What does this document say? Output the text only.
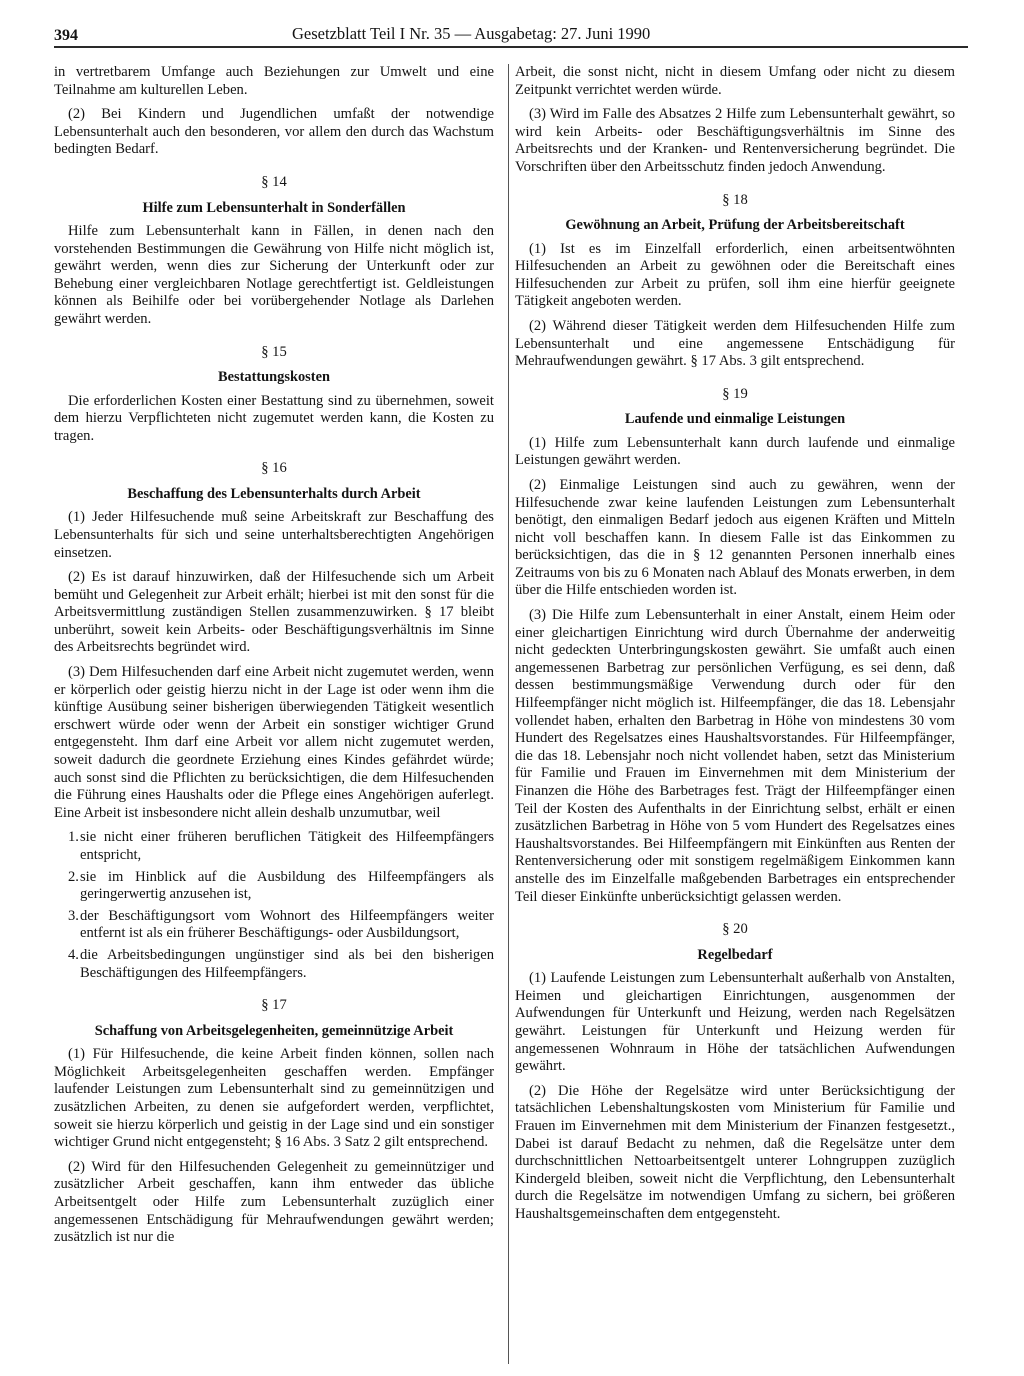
394	Gesetzblatt Teil I Nr. 35 — Ausgabetag: 27. Juni 1990

in vertretbarem Umfange auch Beziehungen zur Umwelt und eine Teilnahme am kulturellen Leben.

(2) Bei Kindern und Jugendlichen umfaßt der notwendige Lebensunterhalt auch den besonderen, vor allem den durch das Wachstum bedingten Bedarf.

§ 14
Hilfe zum Lebensunterhalt in Sonderfällen

Hilfe zum Lebensunterhalt kann in Fällen, in denen nach den vorstehenden Bestimmungen die Gewährung von Hilfe nicht möglich ist, gewährt werden, wenn dies zur Sicherung der Unterkunft oder zur Behebung einer vergleichbaren Notlage gerechtfertigt ist. Geldleistungen können als Beihilfe oder bei vorübergehender Notlage als Darlehen gewährt werden.

§ 15
Bestattungskosten

Die erforderlichen Kosten einer Bestattung sind zu übernehmen, soweit dem hierzu Verpflichteten nicht zugemutet werden kann, die Kosten zu tragen.

§ 16
Beschaffung des Lebensunterhalts durch Arbeit

(1) Jeder Hilfesuchende muß seine Arbeitskraft zur Beschaffung des Lebensunterhalts für sich und seine unterhaltsberechtigten Angehörigen einsetzen.

(2) Es ist darauf hinzuwirken, daß der Hilfesuchende sich um Arbeit bemüht und Gelegenheit zur Arbeit erhält; hierbei ist mit den sonst für die Arbeitsvermittlung zuständigen Stellen zusammenzuwirken. § 17 bleibt unberührt, soweit kein Arbeits- oder Beschäftigungsverhältnis im Sinne des Arbeitsrechts begründet wird.

(3) Dem Hilfesuchenden darf eine Arbeit nicht zugemutet werden, wenn er körperlich oder geistig hierzu nicht in der Lage ist oder wenn ihm die künftige Ausübung seiner bisherigen überwiegenden Tätigkeit wesentlich erschwert würde oder wenn der Arbeit ein sonstiger wichtiger Grund entgegensteht. Ihm darf eine Arbeit vor allem nicht zugemutet werden, soweit dadurch die geordnete Erziehung eines Kindes gefährdet würde; auch sonst sind die Pflichten zu berücksichtigen, die dem Hilfesuchenden die Führung eines Haushalts oder die Pflege eines Angehörigen auferlegt. Eine Arbeit ist insbesondere nicht allein deshalb unzumutbar, weil

1. sie nicht einer früheren beruflichen Tätigkeit des Hilfeempfängers entspricht,
2. sie im Hinblick auf die Ausbildung des Hilfeempfängers als geringerwertig anzusehen ist,
3. der Beschäftigungsort vom Wohnort des Hilfeempfängers weiter entfernt ist als ein früherer Beschäftigungs- oder Ausbildungsort,
4. die Arbeitsbedingungen ungünstiger sind als bei den bisherigen Beschäftigungen des Hilfeempfängers.
§ 17
Schaffung von Arbeitsgelegenheiten, gemeinnützige Arbeit

(1) Für Hilfesuchende, die keine Arbeit finden können, sollen nach Möglichkeit Arbeitsgelegenheiten geschaffen werden. Empfänger laufender Leistungen zum Lebensunterhalt sind zu gemeinnützigen und zusätzlichen Arbeiten, zu denen sie aufgefordert werden, verpflichtet, soweit sie hierzu körperlich und geistig in der Lage sind und ein sonstiger wichtiger Grund nicht entgegensteht; § 16 Abs. 3 Satz 2 gilt entsprechend.

(2) Wird für den Hilfesuchenden Gelegenheit zu gemeinnütziger und zusätzlicher Arbeit geschaffen, kann ihm entweder das übliche Arbeitsentgelt oder Hilfe zum Lebensunterhalt zuzüglich einer angemessenen Entschädigung für Mehraufwendungen gewährt werden; zusätzlich ist nur die

Arbeit, die sonst nicht, nicht in diesem Umfang oder nicht zu diesem Zeitpunkt verrichtet werden würde.

(3) Wird im Falle des Absatzes 2 Hilfe zum Lebensunterhalt gewährt, so wird kein Arbeits- oder Beschäftigungsverhältnis im Sinne des Arbeitsrechts und der Kranken- und Rentenversicherung begründet. Die Vorschriften über den Arbeitsschutz finden jedoch Anwendung.

§ 18
Gewöhnung an Arbeit, Prüfung der Arbeitsbereitschaft

(1) Ist es im Einzelfall erforderlich, einen arbeitsentwöhnten Hilfesuchenden an Arbeit zu gewöhnen oder die Bereitschaft eines Hilfesuchenden zur Arbeit zu prüfen, soll ihm eine hierfür geeignete Tätigkeit angeboten werden.

(2) Während dieser Tätigkeit werden dem Hilfesuchenden Hilfe zum Lebensunterhalt und eine angemessene Entschädigung für Mehraufwendungen gewährt. § 17 Abs. 3 gilt entsprechend.

§ 19
Laufende und einmalige Leistungen

(1) Hilfe zum Lebensunterhalt kann durch laufende und einmalige Leistungen gewährt werden.

(2) Einmalige Leistungen sind auch zu gewähren, wenn der Hilfesuchende zwar keine laufenden Leistungen zum Lebensunterhalt benötigt, den einmaligen Bedarf jedoch aus eigenen Kräften und Mitteln nicht voll beschaffen kann. In diesem Falle ist das Einkommen zu berücksichtigen, das die in § 12 genannten Personen innerhalb eines Zeitraums von bis zu 6 Monaten nach Ablauf des Monats erwerben, in dem über die Hilfe entschieden worden ist.

(3) Die Hilfe zum Lebensunterhalt in einer Anstalt, einem Heim oder einer gleichartigen Einrichtung wird durch Übernahme der anderweitig nicht gedeckten Unterbringungskosten gewährt. Sie umfaßt auch einen angemessenen Barbetrag zur persönlichen Verfügung, es sei denn, daß dessen bestimmungsmäßige Verwendung durch oder für den Hilfeempfänger nicht möglich ist. Hilfeempfänger, die das 18. Lebensjahr vollendet haben, erhalten den Barbetrag in Höhe von mindestens 30 vom Hundert des Regelsatzes eines Haushaltsvorstandes. Für Hilfeempfänger, die das 18. Lebensjahr noch nicht vollendet haben, setzt das Ministerium für Familie und Frauen im Einvernehmen mit dem Ministerium der Finanzen die Höhe des Barbetrages fest. Trägt der Hilfeempfänger einen Teil der Kosten des Aufenthalts in der Einrichtung selbst, erhält er einen zusätzlichen Barbetrag in Höhe von 5 vom Hundert des Regelsatzes eines Haushaltsvorstandes. Bei Hilfeempfängern mit Einkünften aus Renten der Rentenversicherung oder mit sonstigem regelmäßigem Einkommen kann anstelle des im Einzelfalle maßgebenden Barbetrages ein entsprechender Teil dieser Einkünfte unberücksichtigt gelassen werden.

§ 20
Regelbedarf

(1) Laufende Leistungen zum Lebensunterhalt außerhalb von Anstalten, Heimen und gleichartigen Einrichtungen, ausgenommen der Aufwendungen für Unterkunft und Heizung, werden nach Regelsätzen gewährt. Leistungen für Unterkunft und Heizung werden für angemessenen Wohnraum in Höhe der tatsächlichen Aufwendungen gewährt.

(2) Die Höhe der Regelsätze wird unter Berücksichtigung der tatsächlichen Lebenshaltungskosten vom Ministerium für Familie und Frauen im Einvernehmen mit dem Ministerium der Finanzen festgesetzt., Dabei ist darauf Bedacht zu nehmen, daß die Regelsätze unter dem durchschnittlichen Nettoarbeitsentgelt unterer Lohngruppen zuzüglich Kindergeld bleiben, soweit nicht die Verpflichtung, den Lebensunterhalt durch die Regelsätze im notwendigen Umfang zu sichern, bei größeren Haushaltsgemeinschaften dem entgegensteht.
